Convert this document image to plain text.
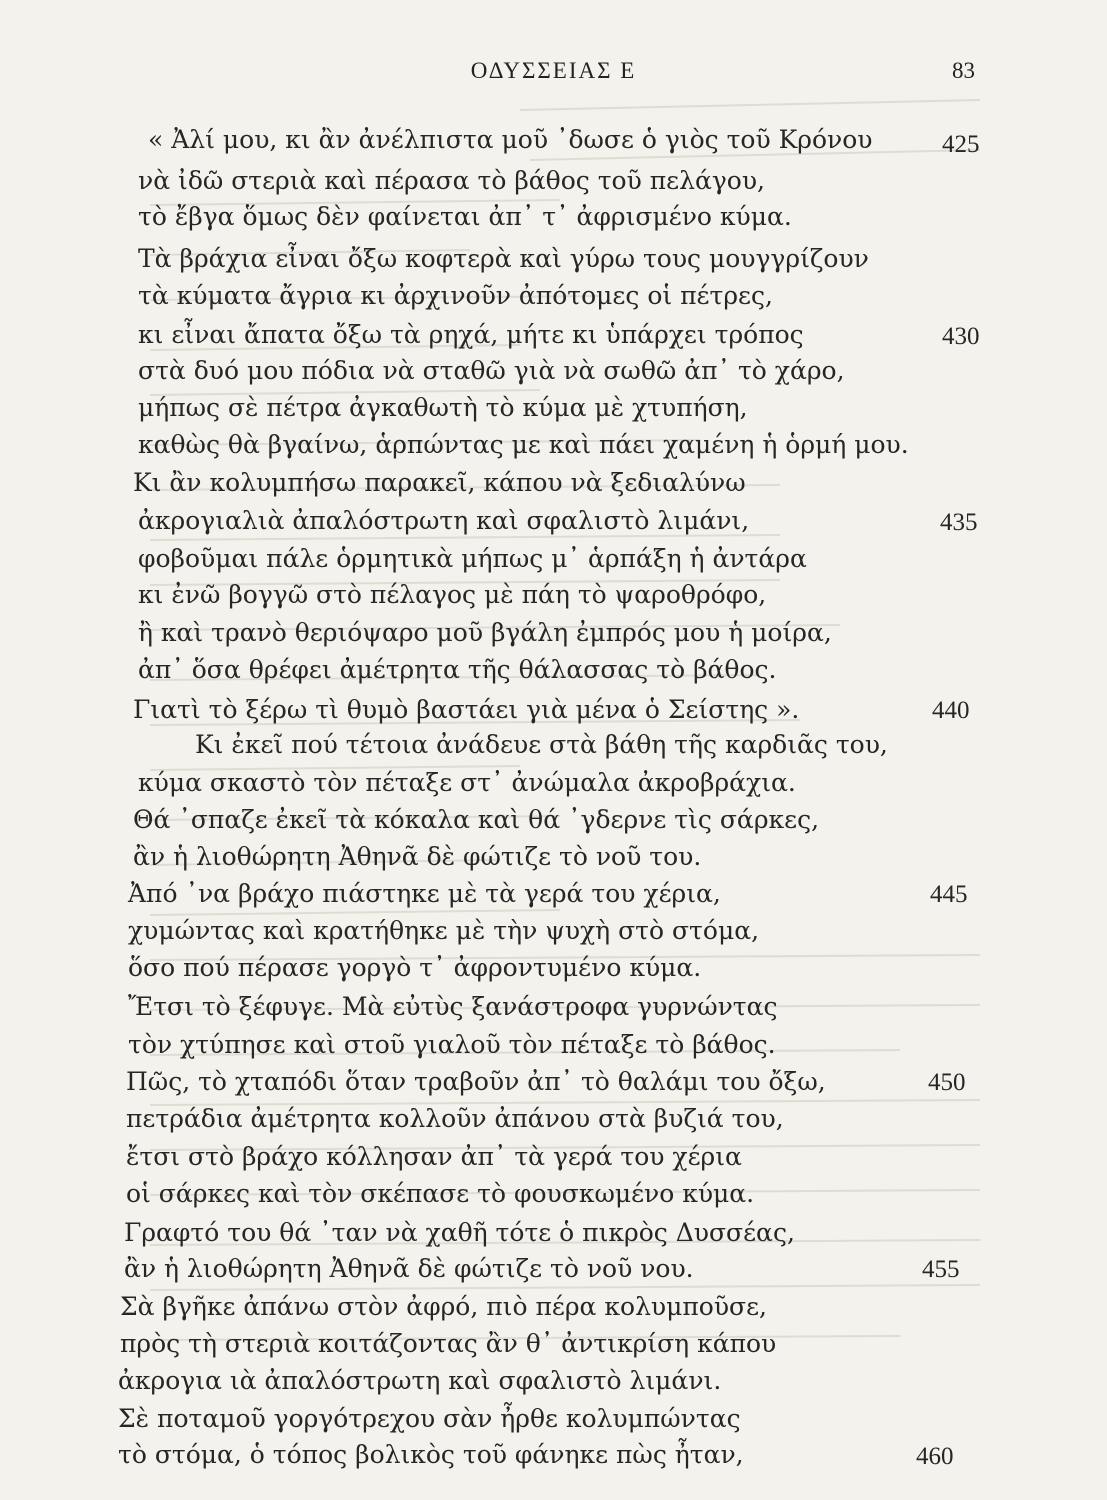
ΟΔΥΣΣΕΙΑΣ Ε	83
« Ἀλί μου, κι ἂν ἀνέλπιστα μοῦ ᾽δωσε ὁ γιὸς τοῦ Κρόνου
νὰ ἰδῶ στεριὰ καὶ πέρασα τὸ βάθος τοῦ πελάγου,
τὸ ἔβγα ὅμως δὲν φαίνεται ἀπ᾽ τ᾽ ἀφρισμένο κύμα.
Τὰ βράχια εἶναι ὄξω κοφτερὰ καὶ γύρω τους μουγγρίζουν
τὰ κύματα ἄγρια κι ἀρχινοῦν ἀπότομες οἱ πέτρες,
κι εἶναι ἄπατα ὄξω τὰ ρηχά, μήτε κι ὑπάρχει τρόπος
στὰ δυό μου πόδια νὰ σταθῶ γιὰ νὰ σωθῶ ἀπ᾽ τὸ χάρο,
μήπως σὲ πέτρα ἀγκαθωτὴ τὸ κύμα μὲ χτυπήση,
καθὼς θὰ βγαίνω, ἁρπώντας με καὶ πάει χαμένη ἡ ὁρμή μου.
Κι ἂν κολυμπήσω παρακεῖ, κάπου νὰ ξεδιαλύνω
ἀκρογιαλιὰ ἀπαλόστρωτη καὶ σφαλιστὸ λιμάνι,
φοβοῦμαι πάλε ὁρμητικὰ μήπως μ᾽ ἁρπάξη ἡ ἀντάρα
κι ἐνῶ βογγῶ στὸ πέλαγος μὲ πάη τὸ ψαροθρόφο,
ἢ καὶ τρανὸ θεριόψαρο μοῦ βγάλη ἐμπρός μου ἡ μοίρα,
ἀπ᾽ ὅσα θρέφει ἀμέτρητα τῆς θάλασσας τὸ βάθος.
Γιατὶ τὸ ξέρω τὶ θυμὸ βαστάει γιὰ μένα ὁ Σείστης ».
Κι ἐκεῖ πού τέτοια ἀνάδευε στὰ βάθη τῆς καρδιᾶς του,
κύμα σκαστὸ τὸν πέταξε στ᾽ ἀνώμαλα ἀκροβράχια.
Θά ᾽σπαζε ἐκεῖ τὰ κόκαλα καὶ θά ᾽γδερνε τὶς σάρκες,
ἂν ἡ λιοθώρητη Ἀθηνᾶ δὲ φώτιζε τὸ νοῦ του.
Ἀπό ᾽να βράχο πιάστηκε μὲ τὰ γερά του χέρια,
χυμώντας καὶ κρατήθηκε μὲ τὴν ψυχὴ στὸ στόμα,
ὅσο πού πέρασε γοργὸ τ᾽ ἀφροντυμένο κύμα.
Ἔτσι τὸ ξέφυγε. Μὰ εὐτὺς ξανάστροφα γυρνώντας
τὸν χτύπησε καὶ στοῦ γιαλοῦ τὸν πέταξε τὸ βάθος.
Πῶς, τὸ χταπόδι ὅταν τραβοῦν ἀπ᾽ τὸ θαλάμι του ὄξω,
πετράδια ἀμέτρητα κολλοῦν ἀπάνου στὰ βυζιά του,
ἔτσι στὸ βράχο κόλλησαν ἀπ᾽ τὰ γερά του χέρια
οἱ σάρκες καὶ τὸν σκέπασε τὸ φουσκωμένο κύμα.
Γραφτό του θά ᾽ταν νὰ χαθῆ τότε ὁ πικρὸς Δυσσέας,
ἂν ἡ λιοθώρητη Ἀθηνᾶ δὲ φώτιζε τὸ νοῦ νου.
Σὰ βγῆκε ἀπάνω στὸν ἀφρό, πιὸ πέρα κολυμποῦσε,
πρὸς τὴ στεριὰ κοιτάζοντας ἂν θ᾽ ἀντικρίση κάπου
ἀκρογια ιὰ ἀπαλόστρωτη καὶ σφαλιστὸ λιμάνι.
Σὲ ποταμοῦ γοργότρεχου σὰν ἦρθε κολυμπώντας
τὸ στόμα, ὁ τόπος βολικὸς τοῦ φάνηκε πὼς ἦταν,
425
430
435
440
445
450
455
460
